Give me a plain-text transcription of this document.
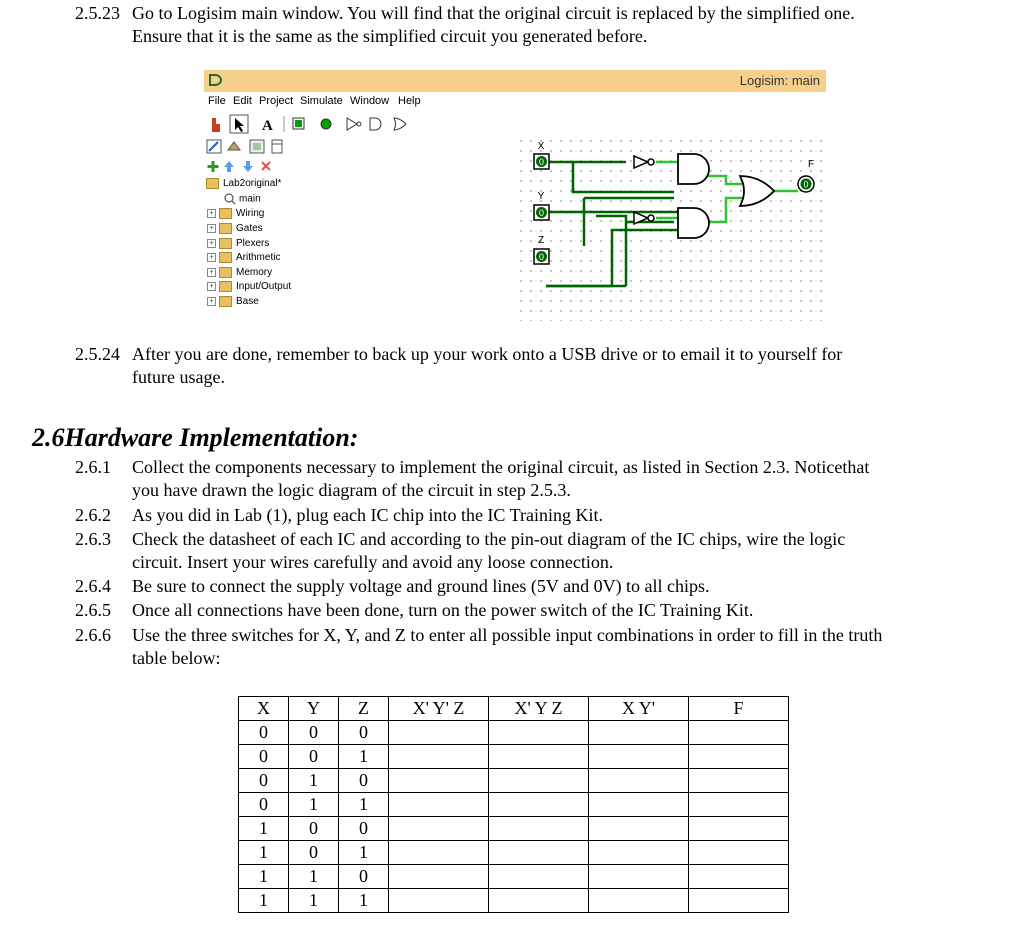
2.5.23 Go to Logisim main window. You will find that the original circuit is replaced by the simplified one.
Ensure that it is the same as the simplified circuit you generated before.
Logisim: main
File Edit Project Simulate Window Help
A
Lab2original*
main
+ Wiring
+ Gates
+ Plexers
+ Arithmetic
+ Memory
+ Input/Output
+ Base
X
0
Y
0
Z
0
F
0
2.5.24 After you are done, remember to back up your work onto a USB drive or to email it to yourself for
future usage.
2.6Hardware Implementation:
2.6.1 Collect the components necessary to implement the original circuit, as listed in Section 2.3. Noticethat
you have drawn the logic diagram of the circuit in step 2.5.3.
2.6.2 As you did in Lab (1), plug each IC chip into the IC Training Kit.
2.6.3 Check the datasheet of each IC and according to the pin-out diagram of the IC chips, wire the logic
circuit. Insert your wires carefully and avoid any loose connection.
2.6.4 Be sure to connect the supply voltage and ground lines (5V and 0V) to all chips.
2.6.5 Once all connections have been done, turn on the power switch of the IC Training Kit.
2.6.6 Use the three switches for X, Y, and Z to enter all possible input combinations in order to fill in the truth
table below:
X	Y	Z	X' Y' Z	X' Y Z	X Y'	F
0	0	0				
0	0	1				
0	1	0				
0	1	1				
1	0	0				
1	0	1				
1	1	0				
1	1	1				
